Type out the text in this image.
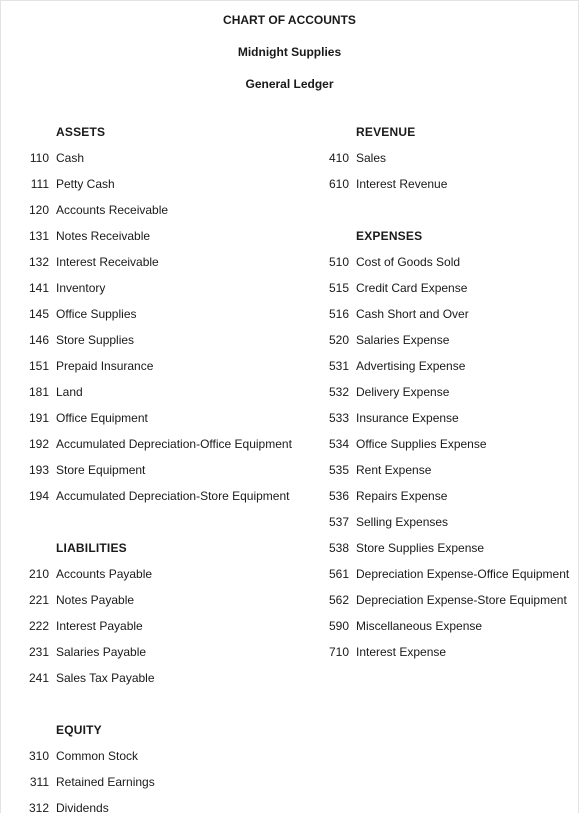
CHART OF ACCOUNTS
Midnight Supplies
General Ledger
ASSETS
110 Cash
111 Petty Cash
120 Accounts Receivable
131 Notes Receivable
132 Interest Receivable
141 Inventory
145 Office Supplies
146 Store Supplies
151 Prepaid Insurance
181 Land
191 Office Equipment
192 Accumulated Depreciation-Office Equipment
193 Store Equipment
194 Accumulated Depreciation-Store Equipment
LIABILITIES
210 Accounts Payable
221 Notes Payable
222 Interest Payable
231 Salaries Payable
241 Sales Tax Payable
EQUITY
310 Common Stock
311 Retained Earnings
312 Dividends
REVENUE
410 Sales
610 Interest Revenue
EXPENSES
510 Cost of Goods Sold
515 Credit Card Expense
516 Cash Short and Over
520 Salaries Expense
531 Advertising Expense
532 Delivery Expense
533 Insurance Expense
534 Office Supplies Expense
535 Rent Expense
536 Repairs Expense
537 Selling Expenses
538 Store Supplies Expense
561 Depreciation Expense-Office Equipment
562 Depreciation Expense-Store Equipment
590 Miscellaneous Expense
710 Interest Expense
